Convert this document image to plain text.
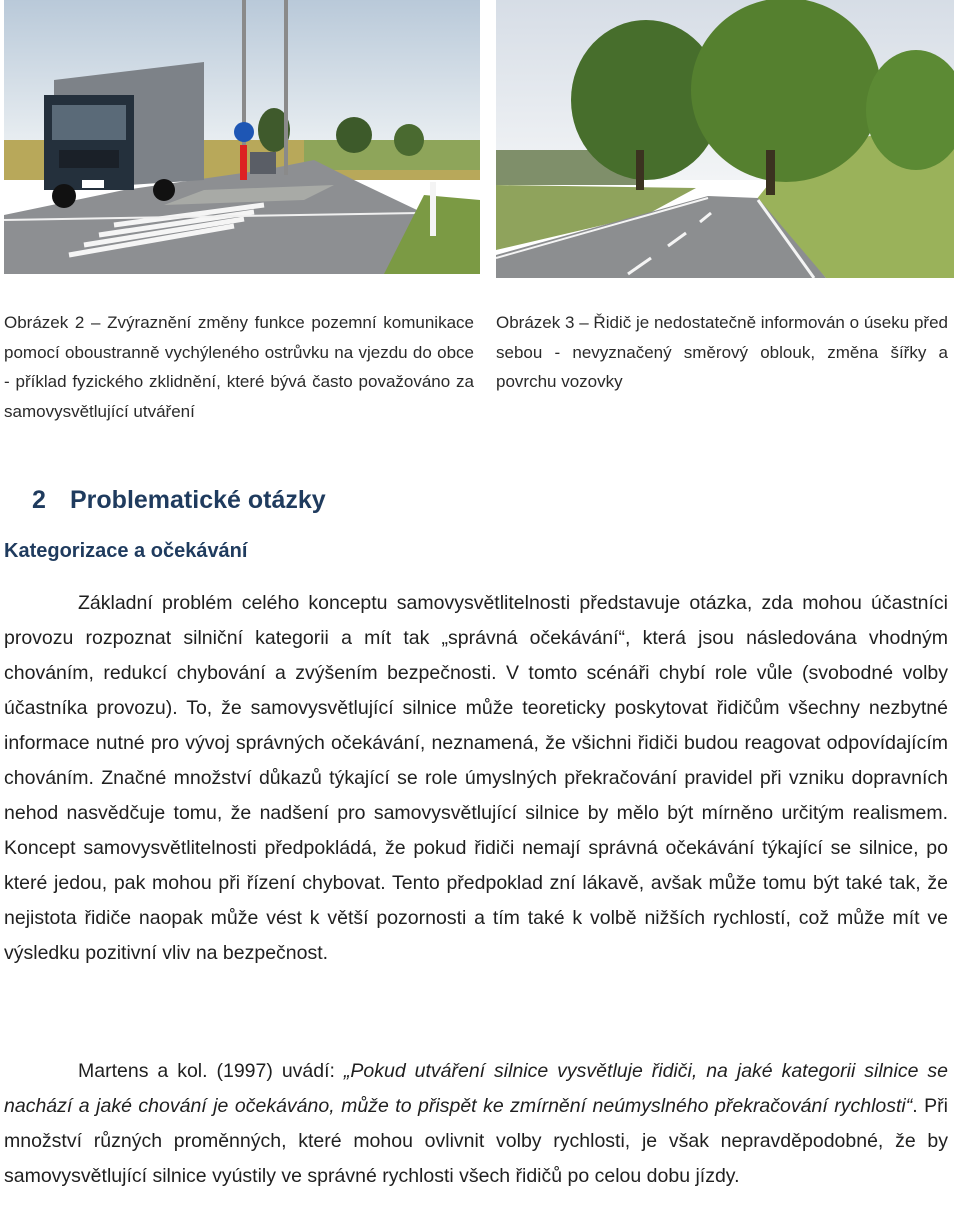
Obrázek 2 – Zvýraznění změny funkce pozemní komunikace pomocí oboustranně vychýleného ostrůvku na vjezdu do obce - příklad fyzického zklidnění, které bývá často považováno za samovysvětlující utváření
Obrázek 3 – Řidič je nedostatečně informován o úseku před sebou - nevyznačený směrový oblouk, změna šířky a povrchu vozovky
2 Problematické otázky
Kategorizace a očekávání

Základní problém celého konceptu samovysvětlitelnosti představuje otázka, zda mohou účastníci provozu rozpoznat silniční kategorii a mít tak „správná očekávání“, která jsou následována vhodným chováním, redukcí chybování a zvýšením bezpečnosti. V tomto scénáři chybí role vůle (svobodné volby účastníka provozu). To, že samovysvětlující silnice může teoreticky poskytovat řidičům všechny nezbytné informace nutné pro vývoj správných očekávání, neznamená, že všichni řidiči budou reagovat odpovídajícím chováním. Značné množství důkazů týkající se role úmyslných překračování pravidel při vzniku dopravních nehod nasvědčuje tomu, že nadšení pro samovysvětlující silnice by mělo být mírněno určitým realismem. Koncept samovysvětlitelnosti předpokládá, že pokud řidiči nemají správná očekávání týkající se silnice, po které jedou, pak mohou při řízení chybovat. Tento předpoklad zní lákavě, avšak může tomu být také tak, že nejistota řidiče naopak může vést k větší pozornosti a tím také k volbě nižších rychlostí, což může mít ve výsledku pozitivní vliv na bezpečnost.

Martens a kol. (1997) uvádí: „Pokud utváření silnice vysvětluje řidiči, na jaké kategorii silnice se nachází a jaké chování je očekáváno, může to přispět ke zmírnění neúmyslného překračování rychlosti“. Při množství různých proměnných, které mohou ovlivnit volby rychlosti, je však nepravděpodobné, že by samovysvětlující silnice vyústily ve správné rychlosti všech řidičů po celou dobu jízdy.
